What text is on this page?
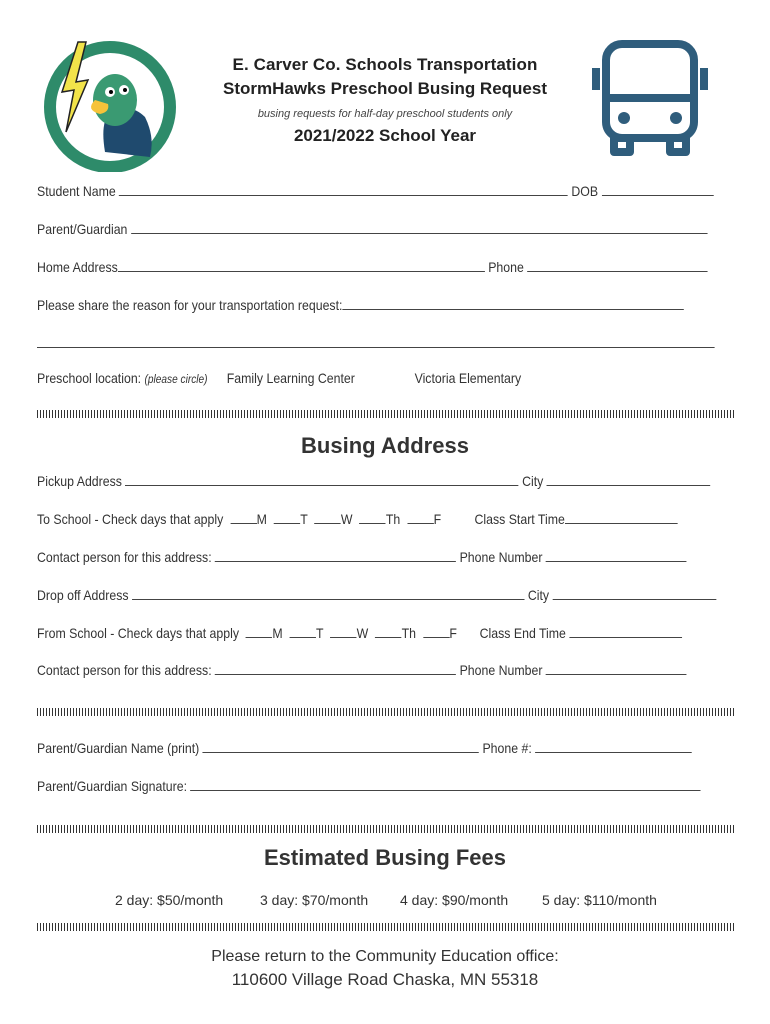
E. Carver Co. Schools Transportation
StormHawks Preschool Busing Request
busing requests for half-day preschool students only
2021/2022 School Year
Student Name	DOB
Parent/Guardian
Home Address	Phone
Please share the reason for your transportation request:
Preschool location: (please circle) Family Learning Center	Victoria Elementary
Busing Address
Pickup Address	City
To School - Check days that apply M T W Th F Class Start Time
Contact person for this address:	Phone Number
Drop off Address	City
From School - Check days that apply M T W Th F Class End Time
Contact person for this address:	Phone Number
Parent/Guardian Name (print)	Phone #:
Parent/Guardian Signature:
Estimated Busing Fees
2 day: $50/month	3 day: $70/month 4 day: $90/month 5 day: $110/month
Please return to the Community Education office:
110600 Village Road Chaska, MN 55318
